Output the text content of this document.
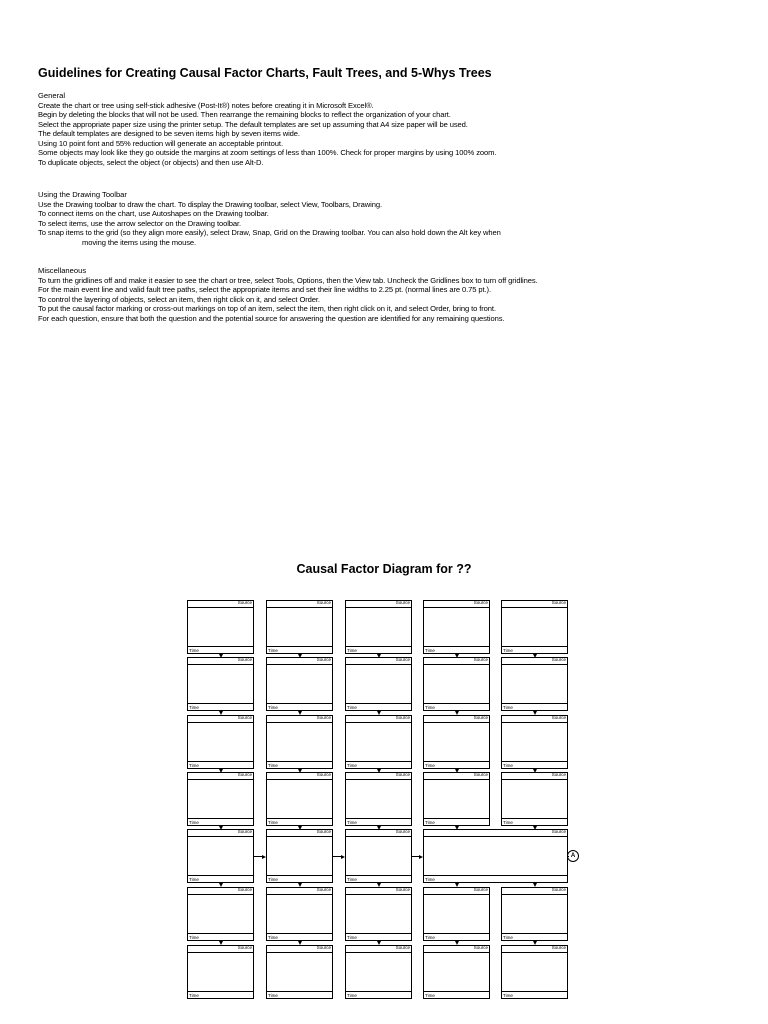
Guidelines for Creating Causal Factor Charts, Fault Trees, and 5-Whys Trees
General
Create the chart or tree using self-stick adhesive (Post-It®) notes before creating it in Microsoft Excel®.
Begin by deleting the blocks that will not be used. Then rearrange the remaining blocks to reflect the organization of your chart.
Select the appropriate paper size using the printer setup. The default templates are set up assuming that A4 size paper will be used.
The default templates are designed to be seven items high by seven items wide.
Using 10 point font and 55% reduction will generate an acceptable printout.
Some objects may look like they go outside the margins at zoom settings of less than 100%. Check for proper margins by using 100% zoom.
To duplicate objects, select the object (or objects) and then use Alt-D.
Using the Drawing Toolbar
Use the Drawing toolbar to draw the chart. To display the Drawing toolbar, select View, Toolbars, Drawing.
To connect items on the chart, use Autoshapes on the Drawing toolbar.
To select items, use the arrow selector on the Drawing toolbar.
To snap items to the grid (so they align more easily), select Draw, Snap, Grid on the Drawing toolbar. You can also hold down the Alt key when
moving the items using the mouse.
Miscellaneous
To turn the gridlines off and make it easier to see the chart or tree, select Tools, Options, then the View tab. Uncheck the Gridlines box to turn off gridlines.
For the main event line and valid fault tree paths, select the appropriate items and set their line widths to 2.25 pt. (normal lines are 0.75 pt.).
To control the layering of objects, select an item, then right click on it, and select Order.
To put the causal factor marking or cross-out markings on top of an item, select the item, then right click on it, and select Order, bring to front.
For each question, ensure that both the question and the potential source for answering the question are identified for any remaining questions.
Causal Factor Diagram for ??
Source
Time
Source
Time
Source
Time
Source
Time
Source
Time
Source
Time
Source
Time
Source
Time
Source
Time
Source
Time
Source
Time
Source
Time
Source
Time
Source
Time
Source
Time
Source
Time
Source
Time
Source
Time
Source
Time
Source
Time
Source
Time
Source
Time
Source
Time
Source
Time
Source
Time
Source
Time
Source
Time
Source
Time
Source
Time
Source
Time
Source
Time
Source
Time
Source
Time
Source
Time
A
